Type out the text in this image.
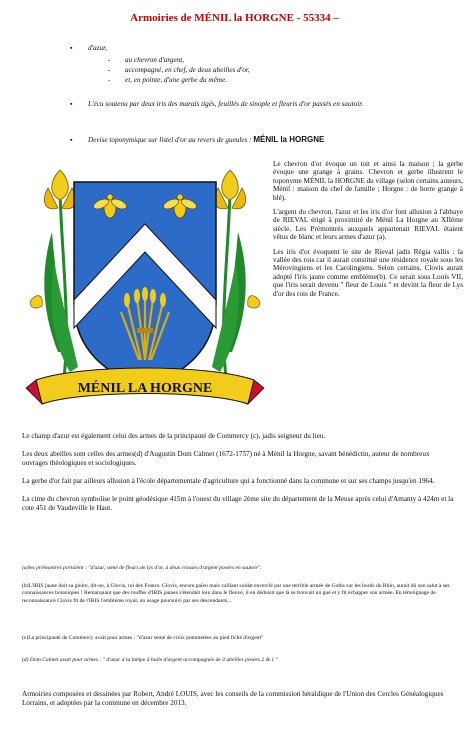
Armoiries de MÉNIL la HORGNE - 55334 –
▪ d'azur,
- au chevron d'argent,
- accompagné, en chef, de deux abeilles d'or,
- et, en pointe, d'une gerbe du même.
▪ L'écu soutenu par deux iris des marais tigés, feuillés de sinople et fleuris d'or passés en sautoir.
▪ Devise toponymique sur listel d'or au revers de gueules : MÉNIL la HORGNE
MÉNIL LA HORGNE

Le chevron d'or évoque un toit et ainsi la maison ; la gerbe évoque une grange à grains. Chevron et gerbe illustrent le toponyme MÉNIL la HORGNE du village (selon certains auteurs, Ménil : maison du chef de famille ; Horgne : de horre grange à blé).

L'argent du chevron, l'azur et les iris d'or font allusion à l'abbaye de RIEVAL érigé à proximité de Ménil La Horgne au XIIème siècle. Les Prémontrés auxquels appartenait RIEVAL étaient vêtus de blanc et leurs armes d'azur (a).

Les iris d'or évoquent le site de Rieval jadis Régia vallis : la vallée des rois car il aurait constitué une résidence royale sous les Mérovingiens et les Carolingiens. Selon certains, Clovis aurait adopté l'iris jaune comme emblème(b). Ce serait sous Louis VII, que l'iris serait devenu " fleur de Louis " et devint la fleur de Lys d'or des rois de France.

Le champ d'azur est également celui des armes de la principauté de Commercy (c), jadis seigneur du lieu.
Les deux abeilles sont celles des armes(d) d'Augustin Dom Calmet (1672-1757) né à Ménil la Horgne, savant bénédictin, auteur de nombreux ouvrages théologiques et sociologiques.
La gerbe d'or fait par ailleurs allusion à l'école départementale d'agriculture qui a fonctionné dans la commune et sur ses champs jusqu'en 1964.
La cime du chevron symbolise le point géodésique 415m à l'ouest du village 2ème site du département de la Meuse après celui d'Amanty à 424m et la cote 451 de Vaudeville le Haut.
(a)les prémontrés portaient : "d'azur, semé de fleurs de lys d'or, à deux crosses d'argent posées en sautoir".
(b)L'IRIS jaune doit sa gloire, dit-on, à Clovis, roi des Francs. Clovis, encore païen mais vaillant soldat encerclé par une terrible armée de Goths sur les bords du Rhin, aurait dû son salut à ses connaissances botaniques ! Remarquant que des touffes d'IRIS jaunes s'étendait loin dans le fleuve, il en déduisit que là se trouvait un gué et y fit échapper son armée. En témoignage de reconnaissance Clovis fit de l'IRIS l'emblème royal, un usage poursuivi par ses descendants...
(c)La principauté de Commercy avait pour armes : "d'azur semé de croix pommetées au pied fiché d'argent"
(d) Dom Calmet avait pour armes : " d'azur à la lampe à huile d'argent accompagnée de 3 abeilles posées 2 & 1 "
Armoiries composées et dessinées par Robert, André LOUIS, avec les conseils de la commission héraldique de l'Union des Cercles Généalogiques Lorrains, et adoptées par la commune en décembre 2013.
